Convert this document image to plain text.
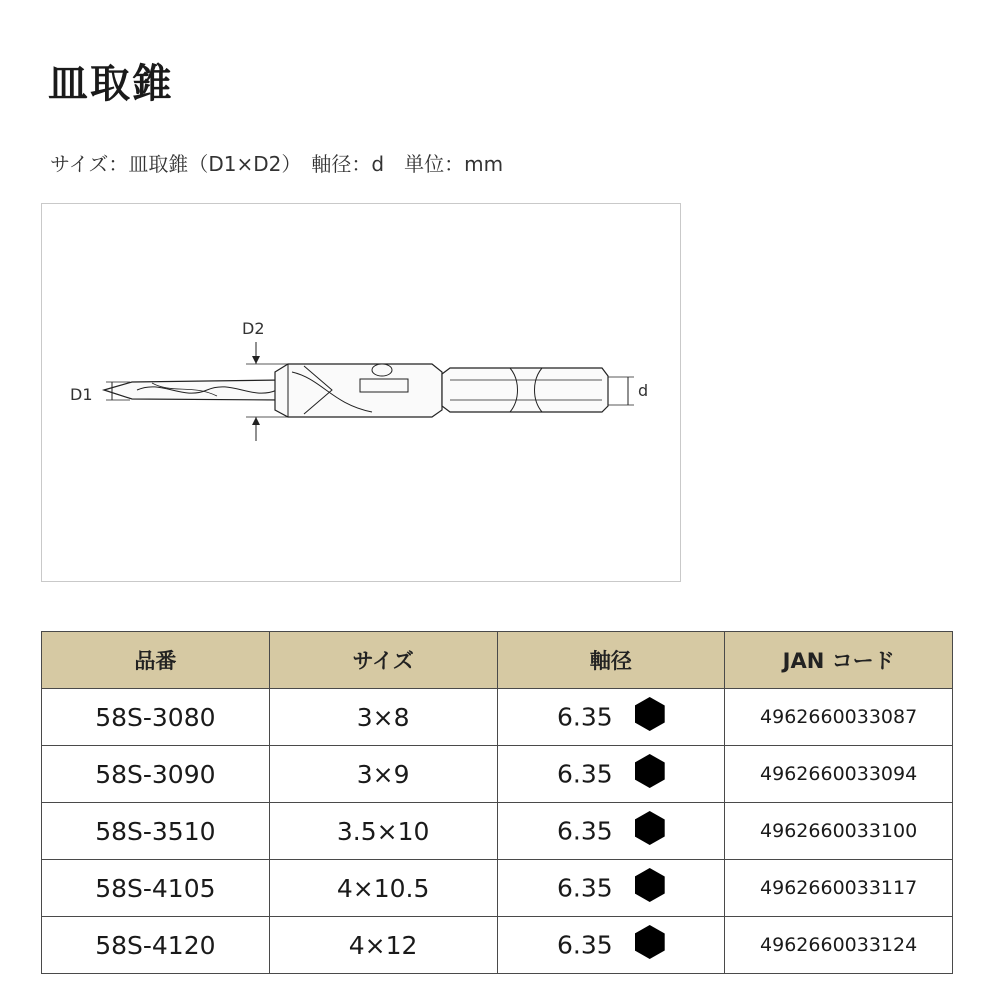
皿取錐
サイズ：皿取錐（D1×D2）　軸径：d　単位：mm
D1
D2
d
品番	サイズ	軸径	JAN コード
58S-3080	3×8	6.35	4962660033087
58S-3090	3×9	6.35	4962660033094
58S-3510	3.5×10	6.35	4962660033100
58S-4105	4×10.5	6.35	4962660033117
58S-4120	4×12	6.35	4962660033124
